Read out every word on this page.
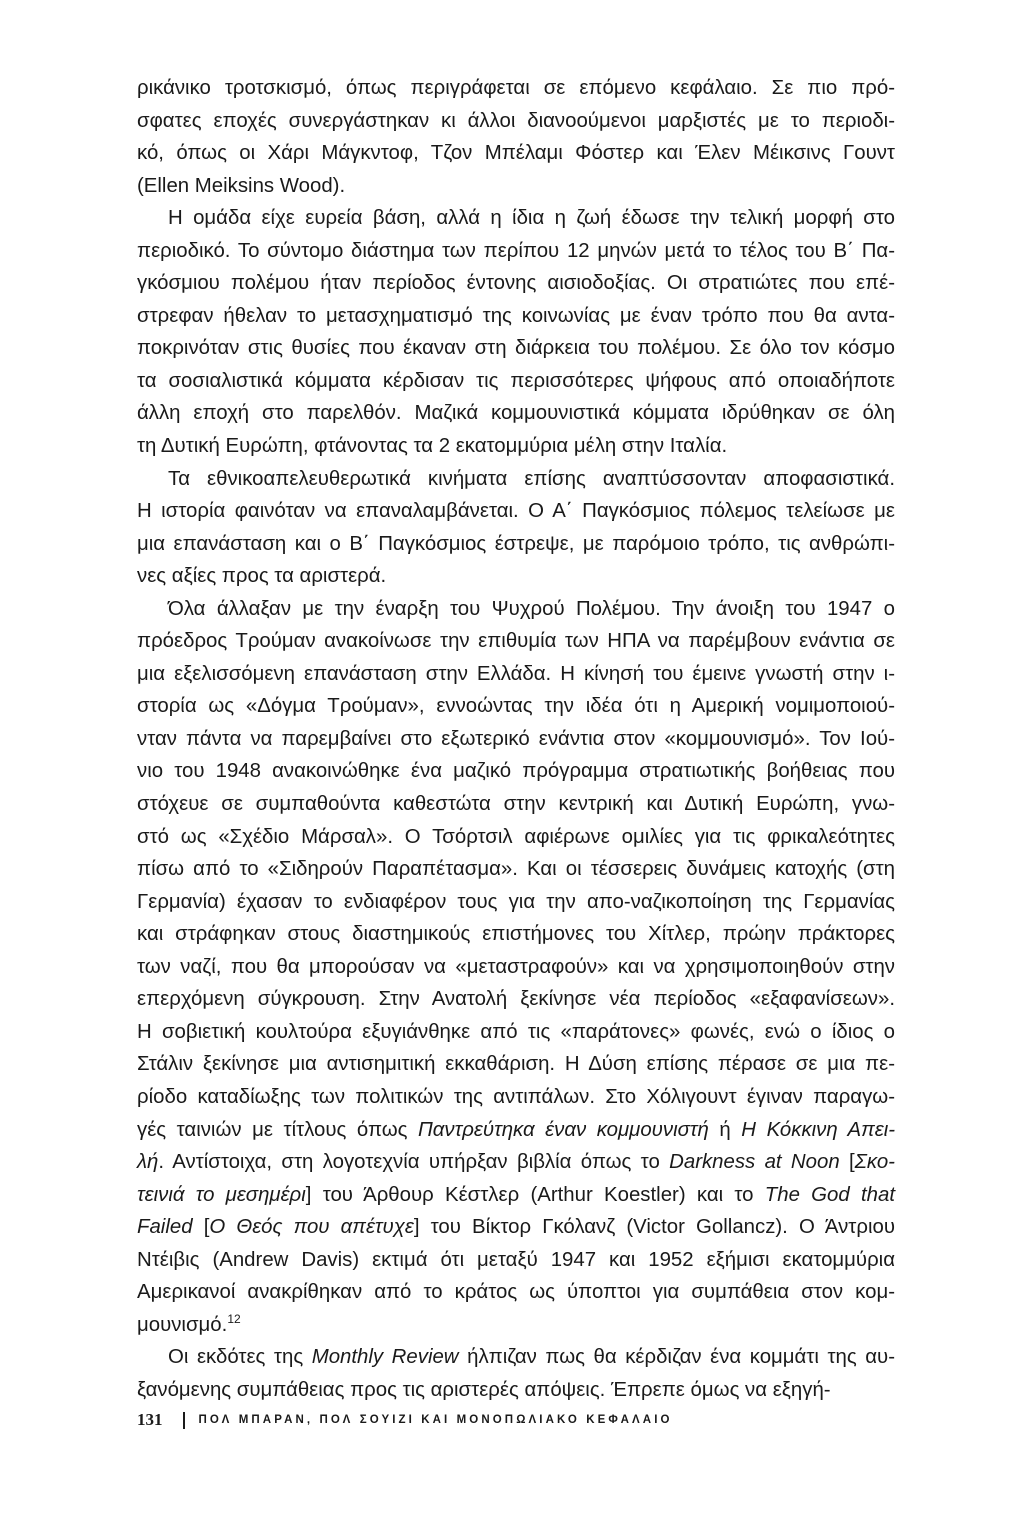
ρικάνικο τροτσκισμό, όπως περιγράφεται σε επόμενο κεφάλαιο. Σε πιο πρό-
σφατες εποχές συνεργάστηκαν κι άλλοι διανοούμενοι μαρξιστές με το περιοδι-
κό, όπως οι Χάρι Μάγκντοφ, Τζον Μπέλαμι Φόστερ και Έλεν Μέικσινς Γουντ
(Ellen Meiksins Wood).
Η ομάδα είχε ευρεία βάση, αλλά η ίδια η ζωή έδωσε την τελική μορφή στο
περιοδικό. Το σύντομο διάστημα των περίπου 12 μηνών μετά το τέλος του Β΄ Πα-
γκόσμιου πολέμου ήταν περίοδος έντονης αισιοδοξίας. Οι στρατιώτες που επέ-
στρεφαν ήθελαν το μετασχηματισμό της κοινωνίας με έναν τρόπο που θα αντα-
ποκρινόταν στις θυσίες που έκαναν στη διάρκεια του πολέμου. Σε όλο τον κόσμο
τα σοσιαλιστικά κόμματα κέρδισαν τις περισσότερες ψήφους από οποιαδήποτε
άλλη εποχή στο παρελθόν. Μαζικά κομμουνιστικά κόμματα ιδρύθηκαν σε όλη
τη Δυτική Ευρώπη, φτάνοντας τα 2 εκατομμύρια μέλη στην Ιταλία.
Τα εθνικοαπελευθερωτικά κινήματα επίσης αναπτύσσονταν αποφασιστικά.
Η ιστορία φαινόταν να επαναλαμβάνεται. Ο Α΄ Παγκόσμιος πόλεμος τελείωσε με
μια επανάσταση και ο Β΄ Παγκόσμιος έστρεψε, με παρόμοιο τρόπο, τις ανθρώπι-
νες αξίες προς τα αριστερά.
Όλα άλλαξαν με την έναρξη του Ψυχρού Πολέμου. Την άνοιξη του 1947 ο
πρόεδρος Τρούμαν ανακοίνωσε την επιθυμία των ΗΠΑ να παρέμβουν ενάντια σε
μια εξελισσόμενη επανάσταση στην Ελλάδα. Η κίνησή του έμεινε γνωστή στην ι-
στορία ως «Δόγμα Τρούμαν», εννοώντας την ιδέα ότι η Αμερική νομιμοποιού-
νταν πάντα να παρεμβαίνει στο εξωτερικό ενάντια στον «κομμουνισμό». Τον Ιού-
νιο του 1948 ανακοινώθηκε ένα μαζικό πρόγραμμα στρατιωτικής βοήθειας που
στόχευε σε συμπαθούντα καθεστώτα στην κεντρική και Δυτική Ευρώπη, γνω-
στό ως «Σχέδιο Μάρσαλ». Ο Τσόρτσιλ αφιέρωνε ομιλίες για τις φρικαλεότητες
πίσω από το «Σιδηρούν Παραπέτασμα». Και οι τέσσερεις δυνάμεις κατοχής (στη
Γερμανία) έχασαν το ενδιαφέρον τους για την απο-ναζικοποίηση της Γερμανίας
και στράφηκαν στους διαστημικούς επιστήμονες του Χίτλερ, πρώην πράκτορες
των ναζί, που θα μπορούσαν να «μεταστραφούν» και να χρησιμοποιηθούν στην
επερχόμενη σύγκρουση. Στην Ανατολή ξεκίνησε νέα περίοδος «εξαφανίσεων».
Η σοβιετική κουλτούρα εξυγιάνθηκε από τις «παράτονες» φωνές, ενώ ο ίδιος ο
Στάλιν ξεκίνησε μια αντισημιτική εκκαθάριση. Η Δύση επίσης πέρασε σε μια πε-
ρίοδο καταδίωξης των πολιτικών της αντιπάλων. Στο Χόλιγουντ έγιναν παραγω-
γές ταινιών με τίτλους όπως Παντρεύτηκα έναν κομμουνιστή ή Η Κόκκινη Απει-
λή. Αντίστοιχα, στη λογοτεχνία υπήρξαν βιβλία όπως το Darkness at Noon [Σκο-
τεινιά το μεσημέρι] του Άρθουρ Κέστλερ (Arthur Koestler) και το The God that
Failed [Ο Θεός που απέτυχε] του Βίκτορ Γκόλανζ (Victor Gollancz). Ο Άντριου
Ντέιβις (Andrew Davis) εκτιμά ότι μεταξύ 1947 και 1952 εξήμισι εκατομμύρια
Αμερικανοί ανακρίθηκαν από το κράτος ως ύποπτοι για συμπάθεια στον κομ-
μουνισμό.$^{12}$
Οι εκδότες της Monthly Review ήλπιζαν πως θα κέρδιζαν ένα κομμάτι της αυ-
ξανόμενης συμπάθειας προς τις αριστερές απόψεις. Έπρεπε όμως να εξηγή-
131	ΠΟΛ ΜΠΑΡΑΝ, ΠΟΛ ΣΟΥΙΖΙ ΚΑΙ ΜΟΝΟΠΩΛΙΑΚΟ ΚΕΦΑΛΑΙΟ
